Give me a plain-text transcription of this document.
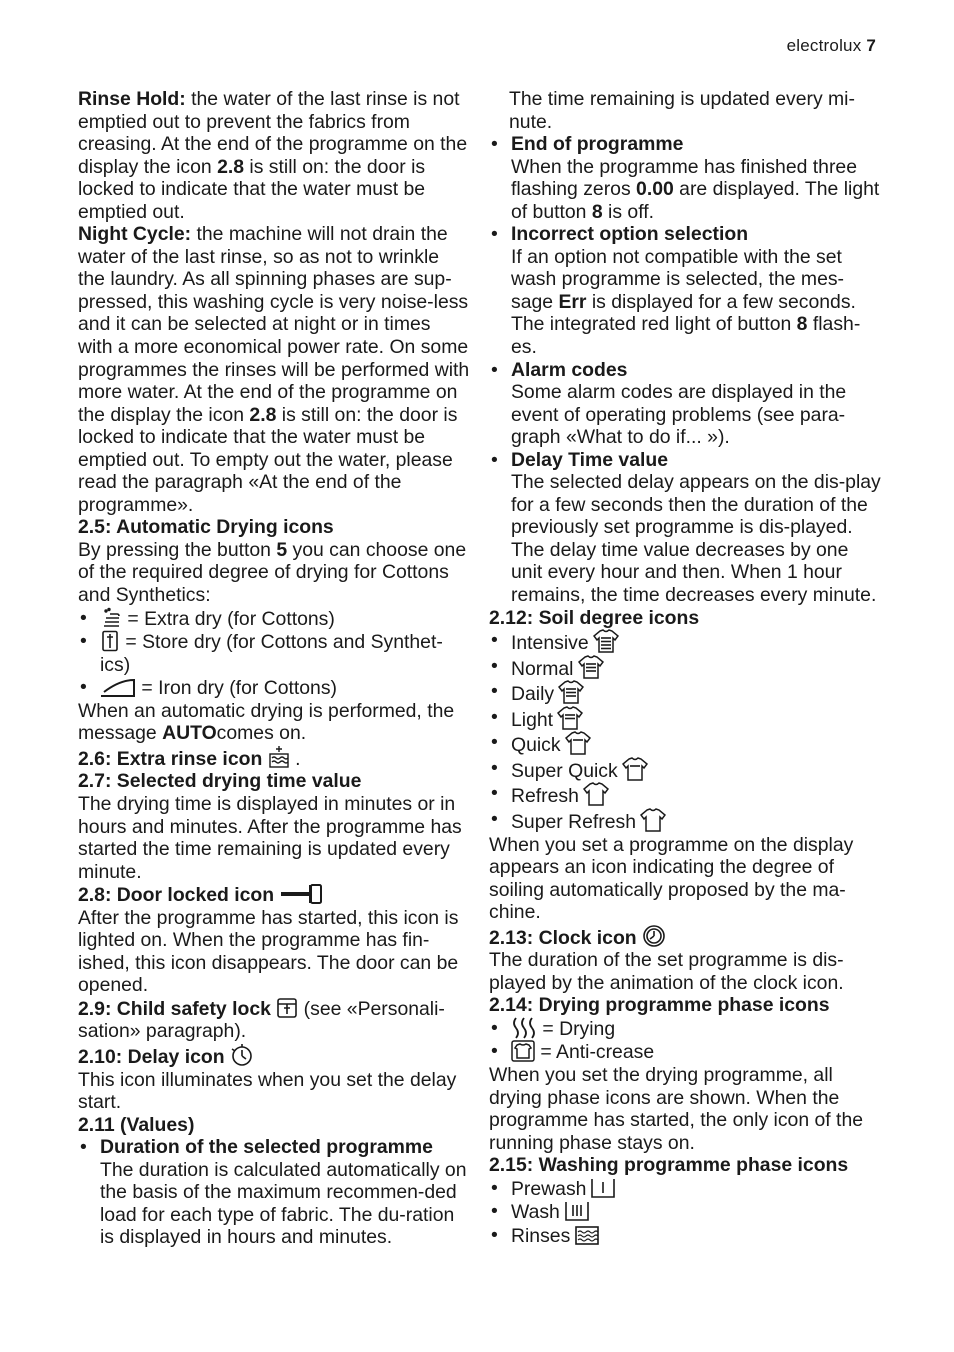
electrolux 7

Rinse Hold: the water of the last rinse is not emptied out to prevent the fabrics from creasing. At the end of the programme on the display the icon 2.8 is still on: the door is locked to indicate that the water must be emptied out.

Night Cycle: the machine will not drain the water of the last rinse, so as not to wrinkle the laundry. As all spinning phases are sup-pressed, this washing cycle is very noise-less and it can be selected at night or in times with a more economical power rate. On some programmes the rinses will be performed with more water. At the end of the programme on the display the icon 2.8 is still on: the door is locked to indicate that the water must be emptied out. To empty out the water, please read the paragraph «At the end of the programme».

2.5: Automatic Drying icons

By pressing the button 5 you can choose one of the required degree of drying for Cottons and Synthetics:

•	= Extra dry (for Cottons)
•	= Store dry (for Cottons and Synthet-ics)
•	= Iron dry (for Cottons)

When an automatic drying is performed, the message AUTOcomes on.

2.6: Extra rinse icon
.

2.7: Selected drying time value

The drying time is displayed in minutes or in hours and minutes. After the programme has started the time remaining is updated every minute.

2.8: Door locked icon

After the programme has started, this icon is lighted on. When the programme has fin-ished, this icon disappears. The door can be opened.

2.9: Child safety lock
(see «Personali-sation» paragraph).

2.10: Delay icon

This icon illuminates when you set the delay start.

2.11 (Values)

• Duration of the selected programme
The duration is calculated automatically on the basis of the maximum recommen-ded load for each type of fabric. The du-ration is displayed in hours and minutes.

The time remaining is updated every mi-nute.

• End of programme
When the programme has finished three flashing zeros 0.00 are displayed. The light of button 8 is off.
• Incorrect option selection
If an option not compatible with the set wash programme is selected, the mes-sage Err is displayed for a few seconds. The integrated red light of button 8 flash-es.
• Alarm codes
Some alarm codes are displayed in the event of operating problems (see para-graph «What to do if... »).
• Delay Time value
The selected delay appears on the dis-play for a few seconds then the duration of the previously set programme is dis-played. The delay time value decreases by one unit every hour and then. When 1 hour remains, the time decreases every minute.

2.12: Soil degree icons

• Intensive
• Normal
• Daily
• Light
• Quick
• Super Quick
• Refresh
• Super Refresh

When you set a programme on the display appears an icon indicating the degree of soiling automatically proposed by the ma-chine.

2.13: Clock icon

The duration of the set programme is dis-played by the animation of the clock icon.

2.14: Drying programme phase icons

•	= Drying
•	= Anti-crease

When you set the drying programme, all drying phase icons are shown. When the programme has started, the only icon of the running phase stays on.

2.15: Washing programme phase icons

• Prewash
• Wash
• Rinses
